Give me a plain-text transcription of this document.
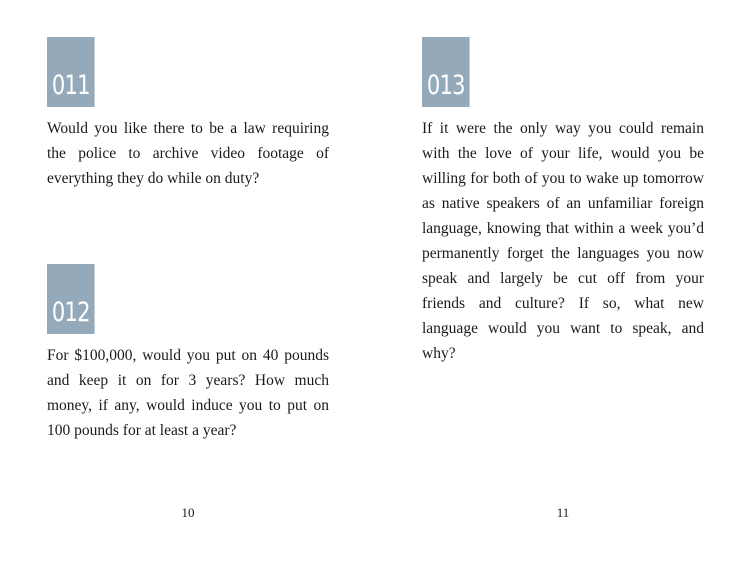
011
Would you like there to be a law requiring the police to archive video footage of everything they do while on duty?
012
For $100,000, would you put on 40 pounds and keep it on for 3 years? How much money, if any, would induce you to put on 100 pounds for at least a year?
10
013
If it were the only way you could remain with the love of your life, would you be willing for both of you to wake up tomorrow as native speakers of an unfamiliar foreign language, knowing that within a week you’d permanently forget the languages you now speak and largely be cut off from your friends and culture? If so, what new language would you want to speak, and why?
11
